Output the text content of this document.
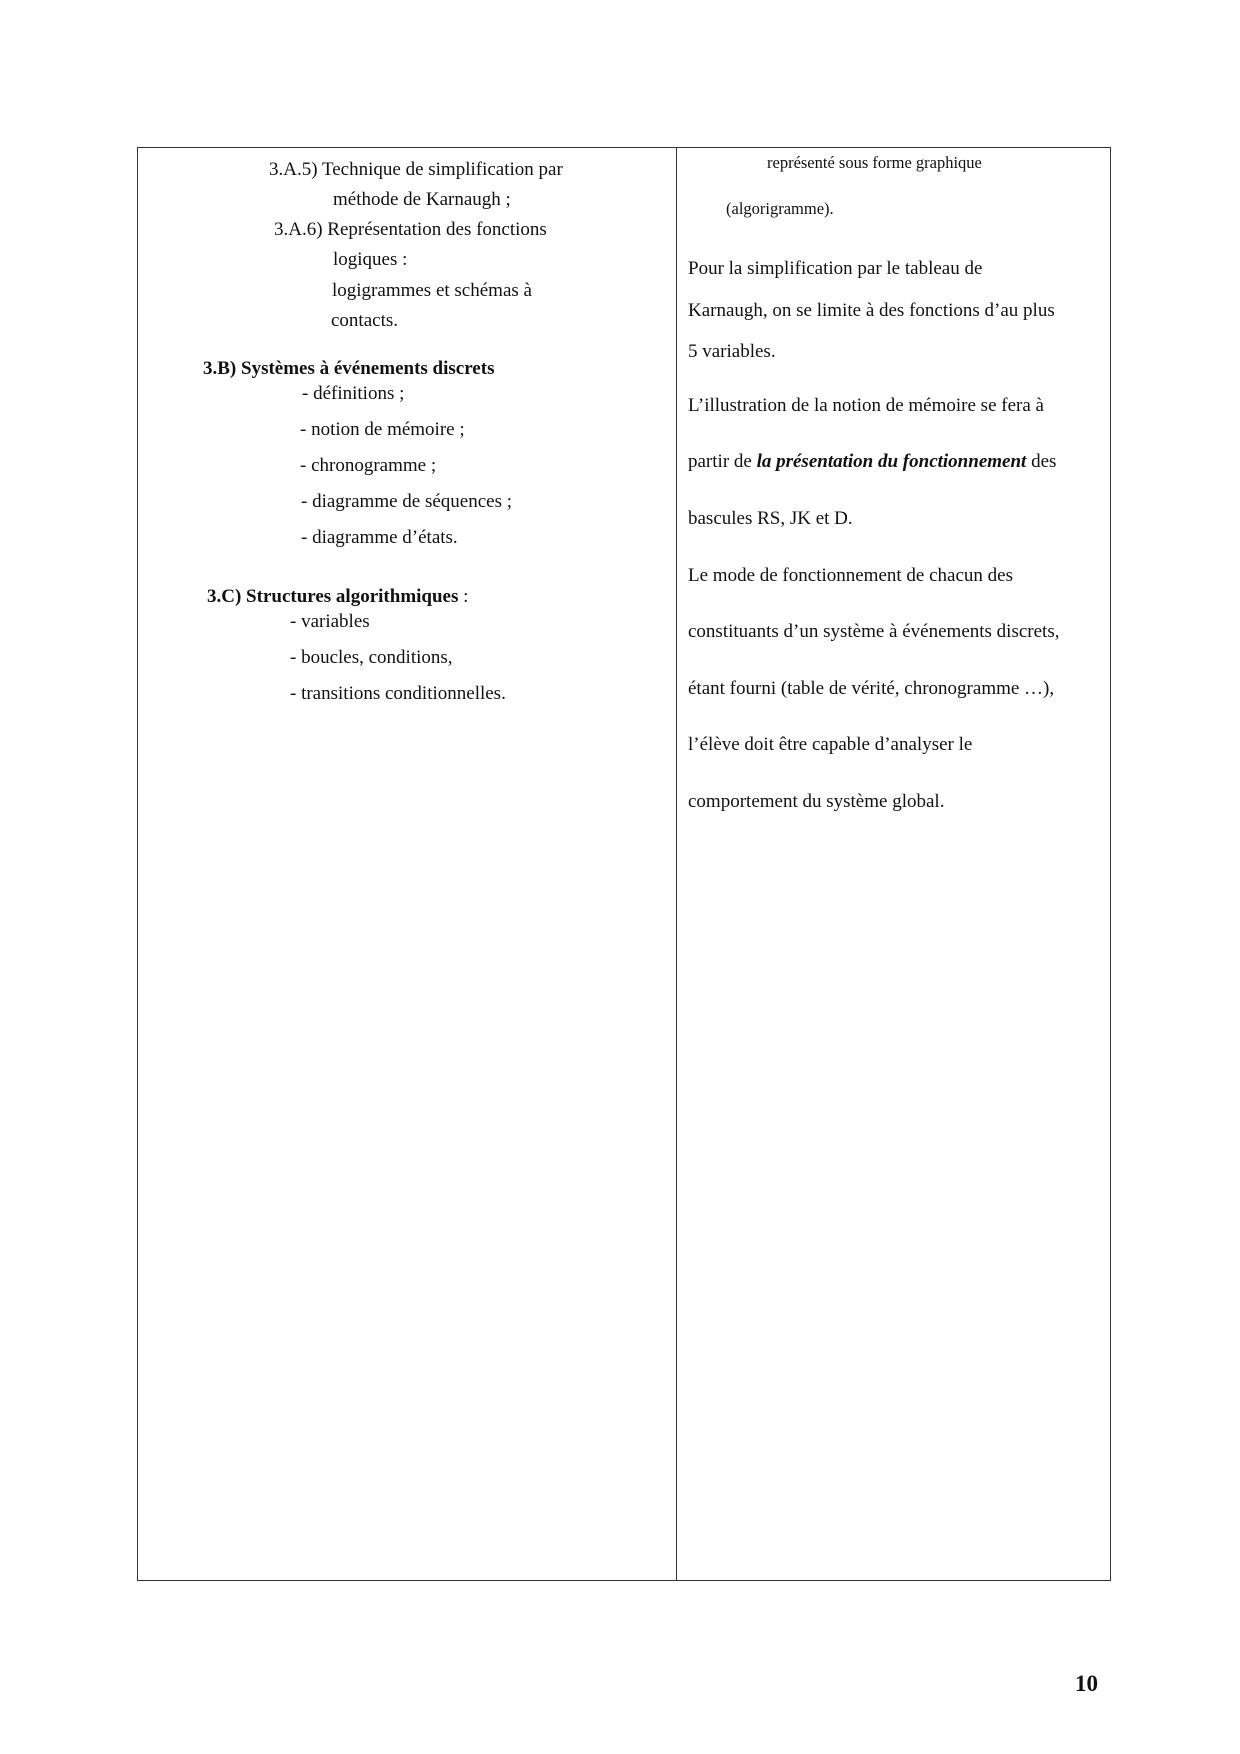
3.A.5) Technique de simplification par
méthode de Karnaugh ;
3.A.6) Représentation des fonctions
logiques :
logigrammes et schémas à
contacts.
3.B) Systèmes à événements discrets
- définitions ;
- notion de mémoire ;
- chronogramme ;
- diagramme de séquences ;
- diagramme d’états.
3.C) Structures algorithmiques :
- variables
- boucles, conditions,
- transitions conditionnelles.
représenté sous forme graphique
(algorigramme).
Pour la simplification par le tableau de
Karnaugh, on se limite à des fonctions d’au plus
5 variables.
L’illustration de la notion de mémoire se fera à
partir de la présentation du fonctionnement des
bascules RS, JK et D.
Le mode de fonctionnement de chacun des
constituants d’un système à événements discrets,
étant fourni (table de vérité, chronogramme …),
l’élève doit être capable d’analyser le
comportement du système global.
10
